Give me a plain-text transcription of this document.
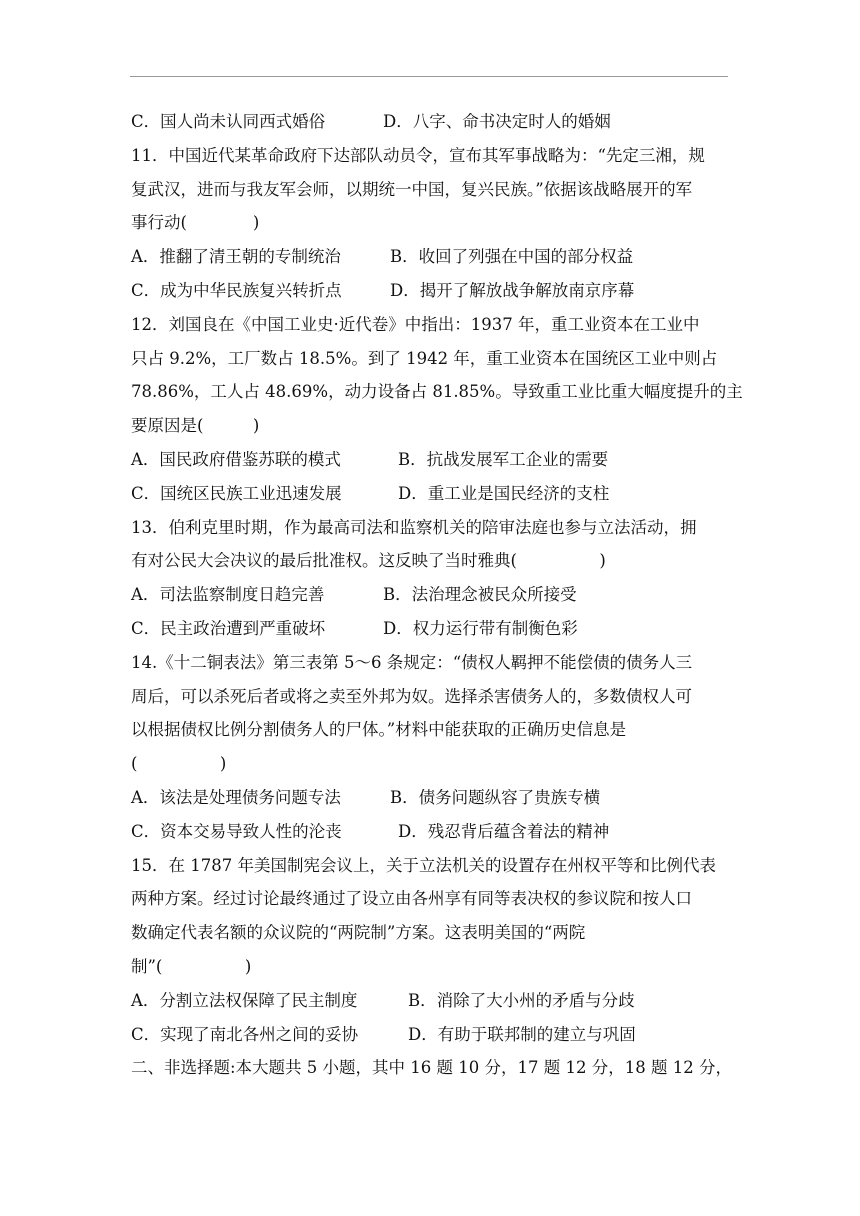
C．国人尚未认同西式婚俗	D．八字、命书决定时人的婚姻
11．中国近代某革命政府下达部队动员令，宣布其军事战略为：“先定三湘，规
复武汉，进而与我友军会师，以期统一中国，复兴民族。”依据该战略展开的军
事行动(　　　　)
A．推翻了清王朝的专制统治	B．收回了列强在中国的部分权益
C．成为中华民族复兴转折点	D．揭开了解放战争解放南京序幕
12．刘国良在《中国工业史·近代卷》中指出：1937 年，重工业资本在工业中
只占 9.2%，工厂数占 18.5%。到了 1942 年，重工业资本在国统区工业中则占
78.86%，工人占 48.69%，动力设备占 81.85%。导致重工业比重大幅度提升的主
要原因是(　　　)
A．国民政府借鉴苏联的模式	B．抗战发展军工企业的需要
C．国统区民族工业迅速发展	D．重工业是国民经济的支柱
13．伯利克里时期，作为最高司法和监察机关的陪审法庭也参与立法活动，拥
有对公民大会决议的最后批准权。这反映了当时雅典(　　　　　)
A．司法监察制度日趋完善	B．法治理念被民众所接受
C．民主政治遭到严重破坏	D．权力运行带有制衡色彩
14.《十二铜表法》第三表第 5～6 条规定：“债权人羁押不能偿债的债务人三
周后，可以杀死后者或将之卖至外邦为奴。选择杀害债务人的，多数债权人可
以根据债权比例分割债务人的尸体。”材料中能获取的正确历史信息是
(　　　　　)
A．该法是处理债务问题专法	B．债务问题纵容了贵族专横
C．资本交易导致人性的沦丧	D．残忍背后蕴含着法的精神
15．在 1787 年美国制宪会议上，关于立法机关的设置存在州权平等和比例代表
两种方案。经过讨论最终通过了设立由各州享有同等表决权的参议院和按人口
数确定代表名额的众议院的“两院制”方案。这表明美国的“两院
制”(　　　　　)
A．分割立法权保障了民主制度	B．消除了大小州的矛盾与分歧
C．实现了南北各州之间的妥协	D．有助于联邦制的建立与巩固
二、非选择题:本大题共 5 小题，其中 16 题 10 分，17 题 12 分，18 题 12 分，
